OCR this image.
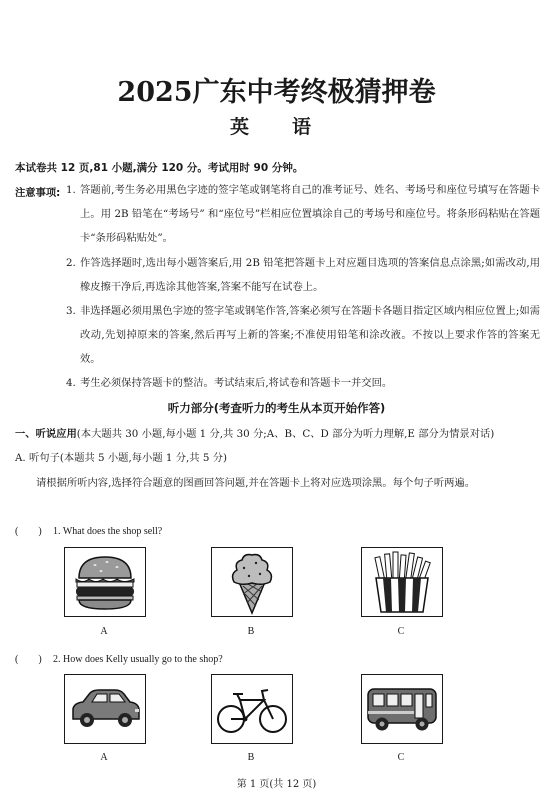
2025广东中考终极猜押卷
英　语
本试卷共 12 页,81 小题,满分 120 分。考试用时 90 分钟。
注意事项: 1. 答题前,考生务必用黑色字迹的签字笔或钢笔将自己的准考证号、姓名、考场号和座位号填写在答题卡上。用 2B 铅笔在“考场号” 和“座位号”栏相应位置填涂自己的考场号和座位号。将条形码粘贴在答题卡“条形码粘贴处”。
2. 作答选择题时,选出每小题答案后,用 2B 铅笔把答题卡上对应题目选项的答案信息点涂黑;如需改动,用橡皮擦干净后,再选涂其他答案,答案不能写在试卷上。
3. 非选择题必须用黑色字迹的签字笔或钢笔作答,答案必须写在答题卡各题目指定区域内相应位置上;如需改动,先划掉原来的答案,然后再写上新的答案;不准使用铅笔和涂改液。不按以上要求作答的答案无效。
4. 考生必须保持答题卡的整洁。考试结束后,将试卷和答题卡一并交回。
听力部分(考查听力的考生从本页开始作答)
一、听说应用(本大题共 30 小题,每小题 1 分,共 30 分;A、B、C、D 部分为听力理解,E 部分为情景对话)
A. 听句子(本题共 5 小题,每小题 1 分,共 5 分)
请根据所听内容,选择符合题意的图画回答问题,并在答题卡上将对应选项涂黑。每个句子听两遍。
(　　) 1. What does the shop sell?
A	B	C
(　　) 2. How does Kelly usually go to the shop?
A	B	C
第 1 页(共 12 页)
